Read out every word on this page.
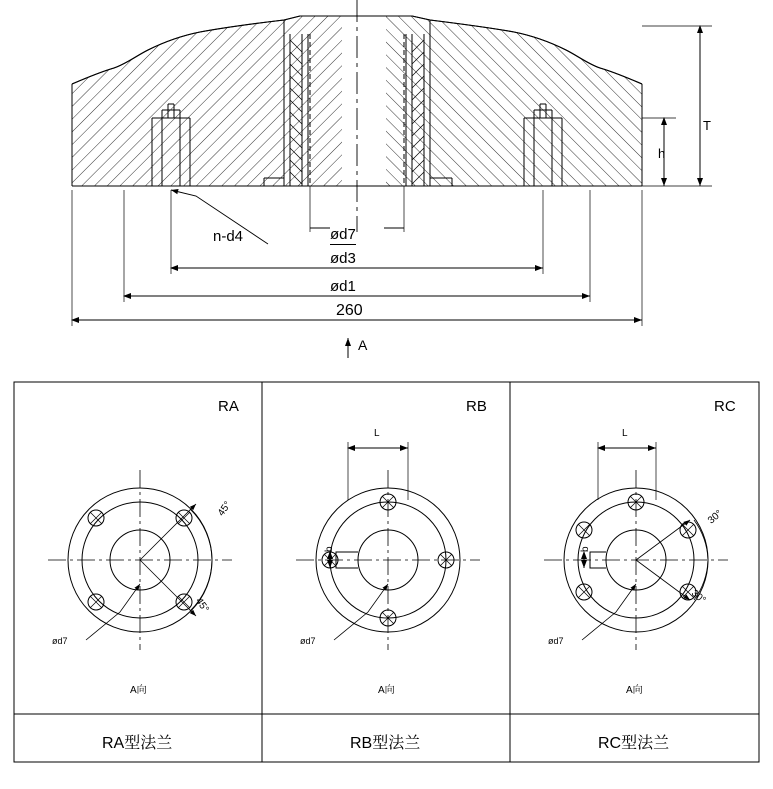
T
h
n-d4	ød7
ød3
ød1
260
A
RA
ød7
45°
45°
A向
RA型法兰
RB
ød7
L
b
A向
RB型法兰
RC
ød7
L
b
30°
30°
A向
RC型法兰
